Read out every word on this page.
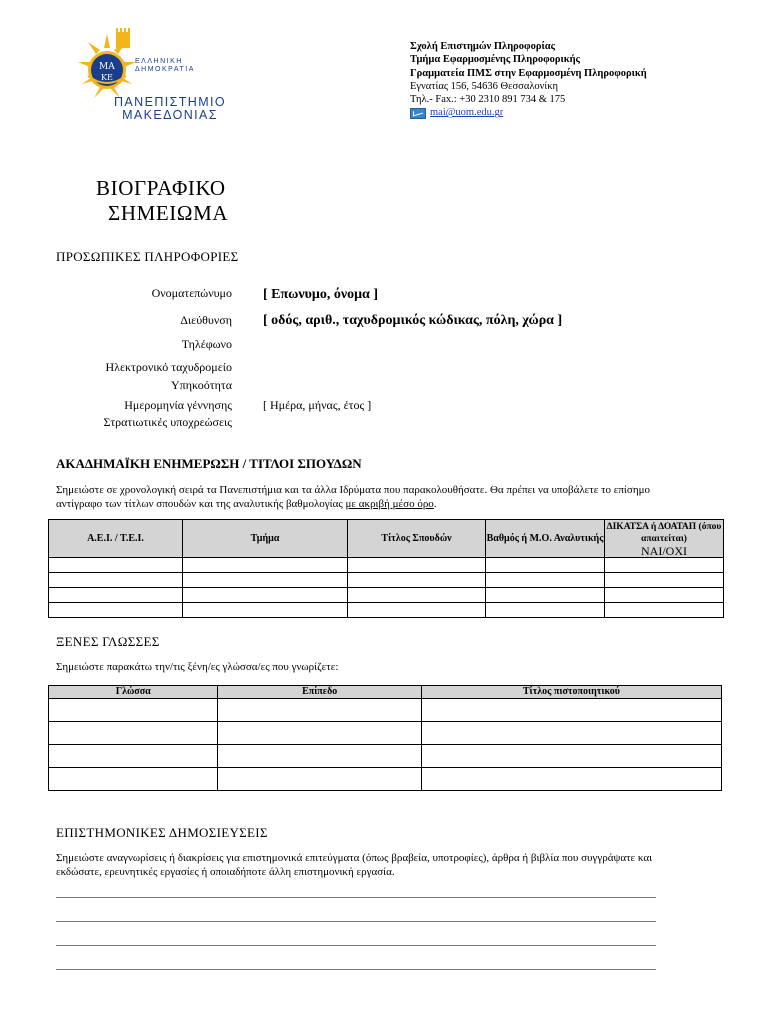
ΜΑ
ΚΕ
ΕΛΛΗΝΙΚΗ
ΔΗΜΟΚΡΑΤΙΑ
ΠΑΝΕΠΙΣΤΗΜΙΟ
ΜΑΚΕΔΟΝΙΑΣ
Σχολή Επιστημών Πληροφορίας
Τμήμα Εφαρμοσμένης Πληροφορικής
Γραμματεία ΠΜΣ στην Εφαρμοσμένη Πληροφορική
Εγνατίας 156, 54636 Θεσσαλονίκη
Τηλ.- Fax.: +30 2310 891 734 & 175
mai@uom.edu.gr
ΒΙΟΓΡΑΦΙΚΟ
ΣΗΜΕΙΩΜΑ
ΠΡΟΣΩΠΙΚΕΣ ΠΛΗΡΟΦΟΡΙΕΣ
Ονοματεπώνυμο [ Επωνυμο, όνομα ]
Διεύθυνση [ οδός, αριθ., ταχυδρομικός κώδικας, πόλη, χώρα ]
Τηλέφωνο
Ηλεκτρονικό ταχυδρομείο
Υπηκοότητα
Ημερομηνία γέννησης	[ Ημέρα, μήνας, έτος ]
Στρατιωτικές υποχρεώσεις
ΑΚΑΔΗΜΑΪΚΗ ΕΝΗΜΕΡΩΣΗ / ΤΙΤΛΟΙ ΣΠΟΥΔΩΝ
Σημειώστε σε χρονολογική σειρά τα Πανεπιστήμια και τα άλλα Ιδρύματα που παρακολουθήσατε. Θα πρέπει να υποβάλετε το επίσημο
αντίγραφο των τίτλων σπουδών και της αναλυτικής βαθμολογίας με ακριβή μέσο όρο.
Α.Ε.Ι. / Τ.Ε.Ι.	Τμήμα	Τίτλος Σπουδών	Βαθμός ή Μ.Ο. Αναλυτικής	ΔΙΚΑΤΣΑ ή ΔΟΑΤΑΠ (όπου απαιτείται)
ΝΑΙ/ΟΧΙ

ΞΕΝΕΣ ΓΛΩΣΣΕΣ
Σημειώστε παρακάτω την/τις ξένη/ες γλώσσα/ες που γνωρίζετε:
Γλώσσα	Επίπεδο	Τίτλος πιστοποιητικού

ΕΠΙΣΤΗΜΟΝΙΚΕΣ ΔΗΜΟΣΙΕΥΣΕΙΣ
Σημειώστε αναγνωρίσεις ή διακρίσεις για επιστημονικά επιτεύγματα (όπως βραβεία, υποτροφίες), άρθρα ή βιβλία που συγγράψατε και
εκδώσατε, ερευνητικές εργασίες ή οποιαδήποτε άλλη επιστημονική εργασία.
